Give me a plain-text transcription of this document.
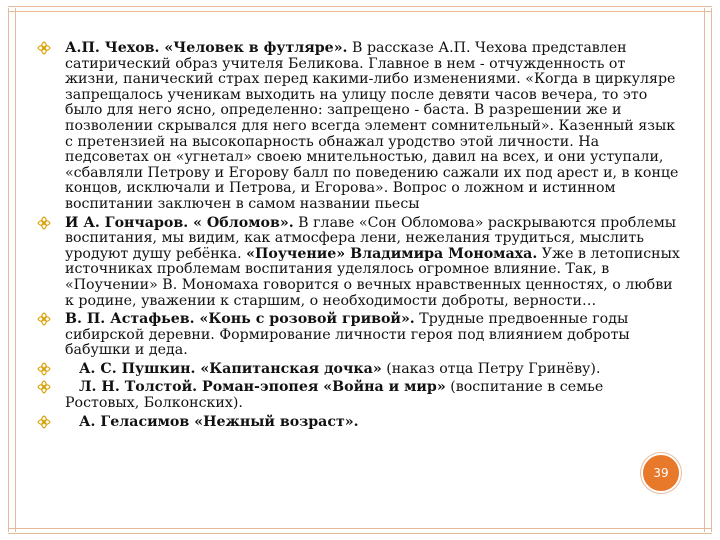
А.П. Чехов. «Человек в футляре». В рассказе А.П. Чехова представлен сатирический образ учителя Беликова. Главное в нем - отчужденность от жизни, панический страх перед какими-либо изменениями. «Когда в циркуляре запрещалось ученикам выходить на улицу после девяти часов вечера, то это было для него ясно, определенно: запрещено - баста. В разрешении же и позволении скрывался для него всегда элемент сомнительный». Казенный язык с претензией на высокопарность обнажал уродство этой личности. На педсоветах он «угнетал» своею мнительностью, давил на всех, и они уступали, «сбавляли Петрову и Егорову балл по поведению сажали их под арест и, в конце концов, исключали и Петрова, и Егорова». Вопрос о ложном и истинном воспитании заключен в самом названии пьесы
И А. Гончаров. « Обломов». В главе «Сон Обломова» раскрываются проблемы воспитания, мы видим, как атмосфера лени, нежелания трудиться, мыслить уродуют душу ребёнка. «Поучение» Владимира Мономаха. Уже в летописных источниках проблемам воспитания уделялось огромное влияние. Так, в «Поучении» В. Мономаха говорится о вечных нравственных ценностях, о любви к родине, уважении к старшим, о необходимости доброты, верности…
В. П. Астафьев. «Конь с розовой гривой». Трудные предвоенные годы сибирской деревни. Формирование личности героя под влиянием доброты бабушки и деда.
А. С. Пушкин. «Капитанская дочка» (наказ отца Петру Гринёву).
Л. Н. Толстой. Роман-эпопея «Война и мир» (воспитание в семье Ростовых, Болконских).
А. Гелаcимов «Нежный возраст».
39
